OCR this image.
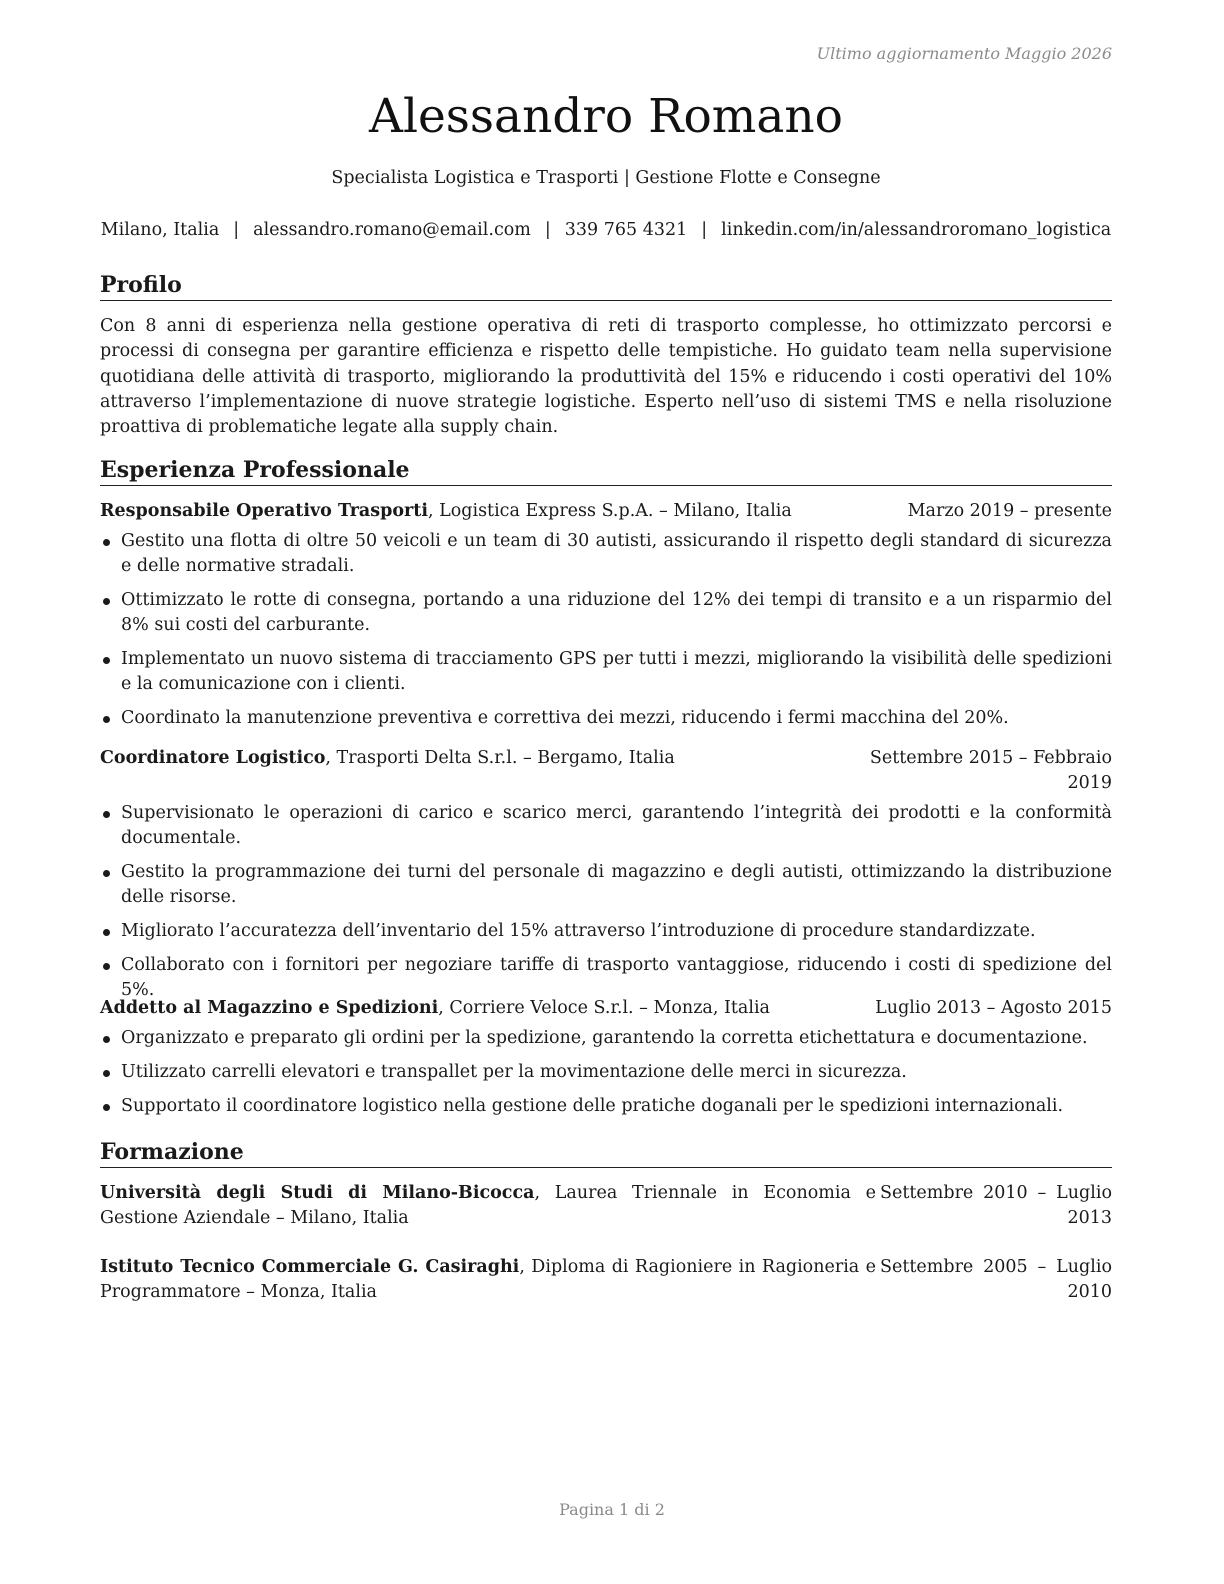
Ultimo aggiornamento Maggio 2026
Alessandro Romano
Specialista Logistica e Trasporti | Gestione Flotte e Consegne
Milano, Italia | alessandro.romano@email.com | 339 765 4321 | linkedin.com/in/alessandroromano_logistica
Profilo
Con 8 anni di esperienza nella gestione operativa di reti di trasporto complesse, ho ottimizzato percorsi e processi di consegna per garantire efficienza e rispetto delle tempistiche. Ho guidato team nella supervisione quotidiana delle attività di trasporto, migliorando la produttività del 15% e riducendo i costi operativi del 10% attraverso l’implementazione di nuove strategie logistiche. Esperto nell’uso di sistemi TMS e nella risoluzione proattiva di problematiche legate alla supply chain.
Esperienza Professionale
Responsabile Operativo Trasporti, Logistica Express S.p.A. – Milano, Italia	Marzo 2019 – presente
Gestito una flotta di oltre 50 veicoli e un team di 30 autisti, assicurando il rispetto degli standard di sicurezza e delle normative stradali.
Ottimizzato le rotte di consegna, portando a una riduzione del 12% dei tempi di transito e a un risparmio del 8% sui costi del carburante.
Implementato un nuovo sistema di tracciamento GPS per tutti i mezzi, migliorando la visibilità delle spedizioni e la comunicazione con i clienti.
Coordinato la manutenzione preventiva e correttiva dei mezzi, riducendo i fermi macchina del 20%.
Coordinatore Logistico, Trasporti Delta S.r.l. – Bergamo, Italia	Settembre 2015 – Febbraio
2019
Supervisionato le operazioni di carico e scarico merci, garantendo l’integrità dei prodotti e la conformità documentale.
Gestito la programmazione dei turni del personale di magazzino e degli autisti, ottimizzando la distribuzione delle risorse.
Migliorato l’accuratezza dell’inventario del 15% attraverso l’introduzione di procedure standardizzate.
Collaborato con i fornitori per negoziare tariffe di trasporto vantaggiose, riducendo i costi di spedizione del 5%.
Addetto al Magazzino e Spedizioni, Corriere Veloce S.r.l. – Monza, Italia	Luglio 2013 – Agosto 2015
Organizzato e preparato gli ordini per la spedizione, garantendo la corretta etichettatura e documentazione.
Utilizzato carrelli elevatori e transpallet per la movimentazione delle merci in sicurezza.
Supportato il coordinatore logistico nella gestione delle pratiche doganali per le spedizioni internazionali.
Formazione
Università degli Studi di Milano-Bicocca, Laurea Triennale in Economia e Gestione Aziendale – Milano, Italia
Settembre 2010 – Luglio 2013
Istituto Tecnico Commerciale G. Casiraghi, Diploma di Ragioniere in Ragioneria e Programmatore – Monza, Italia
Settembre 2005 – Luglio 2010
Pagina 1 di 2
